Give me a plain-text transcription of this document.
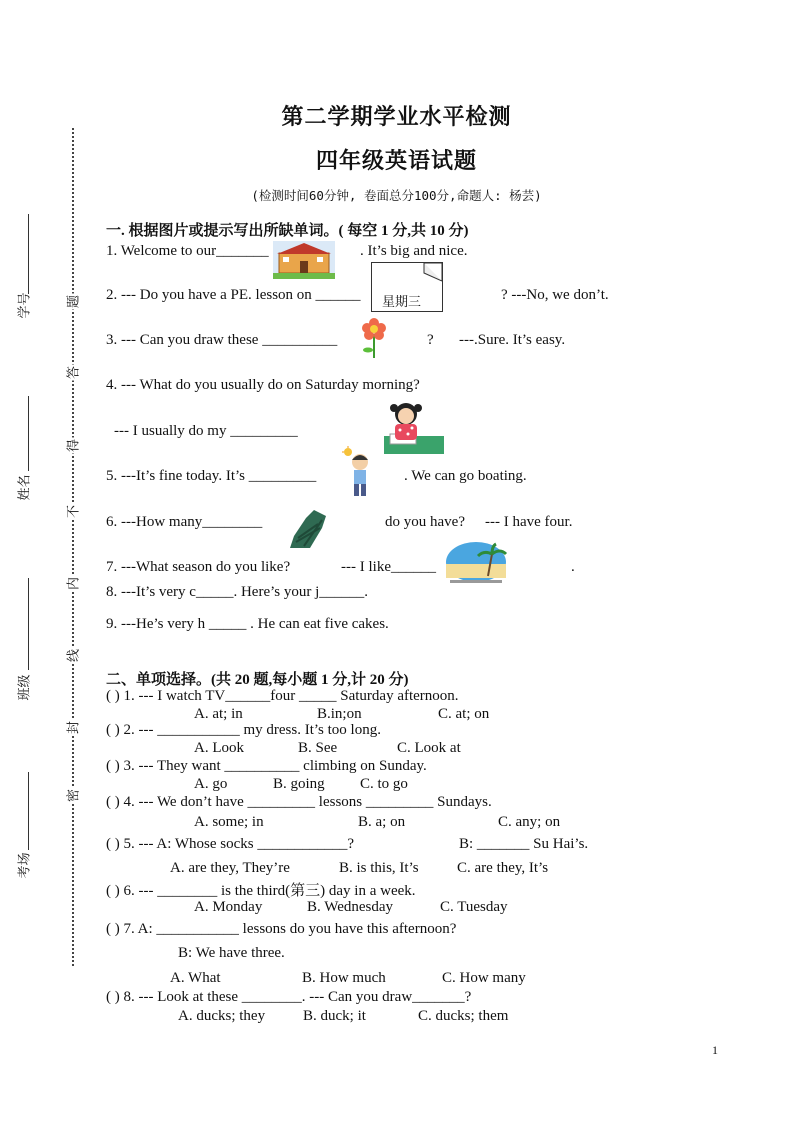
学号
姓名
班级
考场
题
答
得
不
内
线
封
密
第二学期学业水平检测
四年级英语试题
(检测时间60分钟, 卷面总分100分,命题人: 杨芸)
一. 根据图片或提示写出所缺单词。( 每空 1 分,共 10 分)
1. Welcome to our_______	. It’s big and nice.
2. --- Do you have a PE. lesson on ______ 星期三	? ---No, we don’t.
3. --- Can you draw these __________	? ---.Sure. It’s easy.
4. --- What do you usually do on Saturday morning?
--- I usually do my _________
5. ---It’s fine today. It’s _________	. We can go boating.
6. ---How many________	do you have? --- I have four.
7. ---What season do you like?	--- I like______	.
8. ---It’s very c_____. Here’s your j______.
9. ---He’s very h _____ . He can eat five cakes.
二、单项选择。(共 20 题,每小题 1 分,计 20 分)
( ) 1. --- I watch TV______four _____ Saturday afternoon.
A. at; in	B.in;on	C. at; on
( ) 2. --- ___________ my dress. It’s too long.
A. Look	B. See	C. Look at
( ) 3. --- They want __________ climbing on Sunday.
A. go	B. going C. to go
( ) 4. --- We don’t have _________ lessons _________ Sundays.
A. some; in	B. a; on	C. any; on
( ) 5. --- A: Whose socks ____________?	B: _______ Su Hai’s.
A. are they, They’re	B. is this, It’s	C. are they, It’s
( ) 6. --- ________ is the third(第三) day in a week.
A. Monday	B. Wednesday	C. Tuesday
( ) 7. A: ___________ lessons do you have this afternoon?
B: We have three.
A. What	B. How much	C. How many
( ) 8. --- Look at these ________. --- Can you draw_______?
A. ducks; they	B. duck; it	C. ducks; them
1
